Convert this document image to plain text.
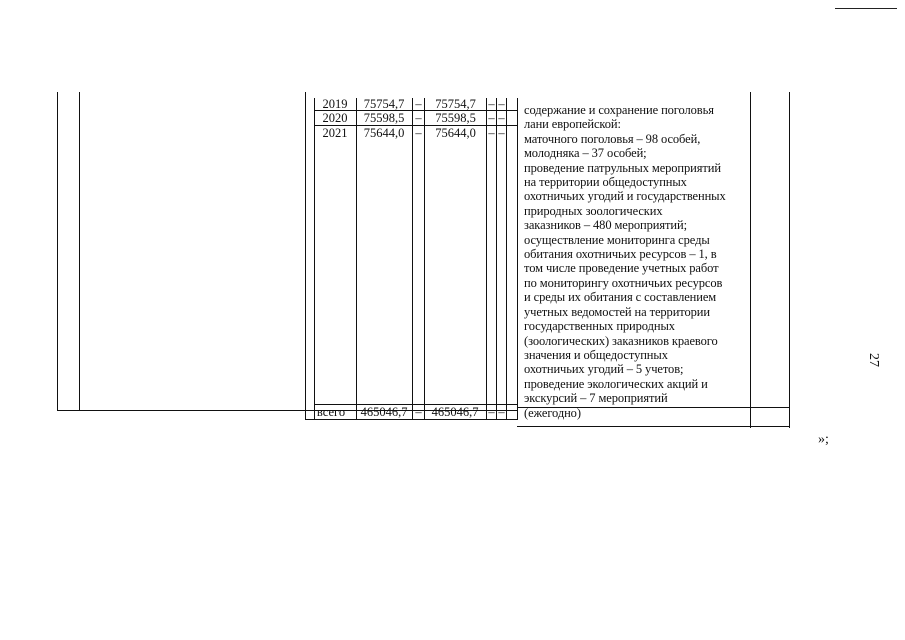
2019	75754,7 –	75754,7	– –
2020	75598,5 –	75598,5	– –
2021	75644,0 –	75644,0	– –
всего	465046,7 – 465046,7 – –
содержание и сохранение поголовья
лани европейской:
маточного поголовья – 98 особей,
молодняка – 37 особей;
проведение патрульных мероприятий
на территории общедоступных
охотничьих угодий и государственных
природных зоологических
заказников – 480 мероприятий;
осуществление мониторинга среды
обитания охотничьих ресурсов – 1, в
том числе проведение учетных работ
по мониторингу охотничьих ресурсов
и среды их обитания с составлением
учетных ведомостей на территории
государственных природных
(зоологических) заказников краевого
значения и общедоступных
охотничьих угодий – 5 учетов;
проведение экологических акций и
экскурсий – 7 мероприятий
(ежегодно)
27
»;
